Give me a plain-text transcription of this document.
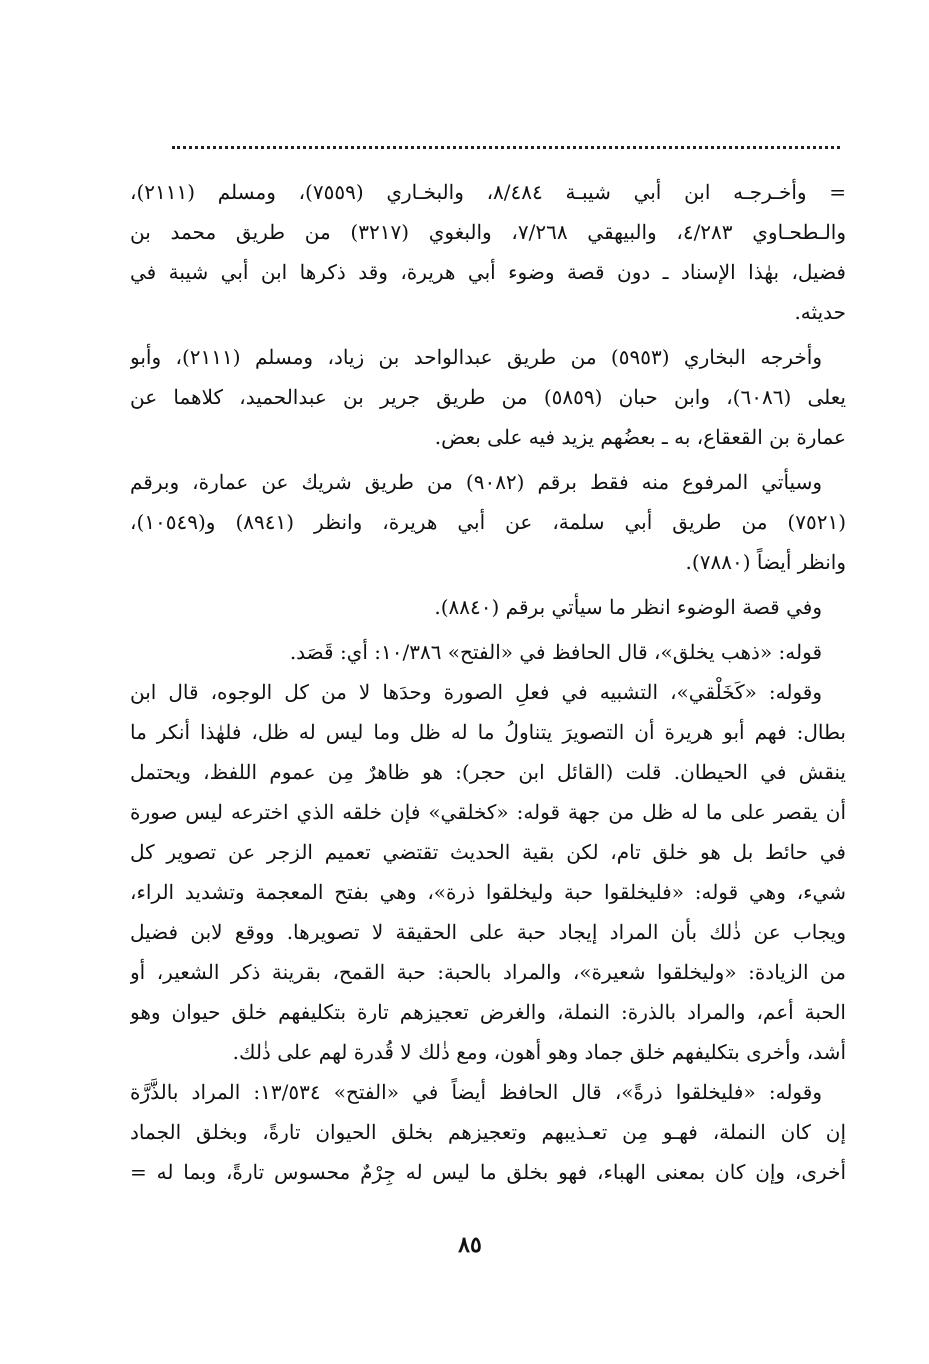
= وأخـرجـه ابن أبي شيبـة ٨/٤٨٤، والبخـاري (٧٥٥٩)، ومسلم (٢١١١)،
والـطحـاوي ٤/٢٨٣، والبيهقي ٧/٢٦٨، والبغوي (٣٢١٧) من طريق محمد بن
فضيل، بهٰذا الإسناد ـ دون قصة وضوء أبي هريرة، وقد ذكرها ابن أبي شيبة في
حديثه.
وأخرجه البخاري (٥٩٥٣) من طريق عبدالواحد بن زياد، ومسلم (٢١١١)، وأبو
يعلى (٦٠٨٦)، وابن حبان (٥٨٥٩) من طريق جرير بن عبدالحميد، كلاهما عن
عمارة بن القعقاع، به ـ بعضُهم يزيد فيه على بعض.
وسيأتي المرفوع منه فقط برقم (٩٠٨٢) من طريق شريك عن عمارة، وبرقم
(٧٥٢١) من طريق أبي سلمة، عن أبي هريرة، وانظر (٨٩٤١) و(١٠٥٤٩)،
وانظر أيضاً (٧٨٨٠).
وفي قصة الوضوء انظر ما سيأتي برقم (٨٨٤٠).
قوله: «ذهب يخلق»، قال الحافظ في «الفتح» ١٠/٣٨٦: أي: قَصَد.
وقوله: «كَخَلْقي»، التشبيه في فعلِ الصورة وحدَها لا من كل الوجوه، قال ابن
بطال: فهم أبو هريرة أن التصويرَ يتناولُ ما له ظل وما ليس له ظل، فلهٰذا أنكر ما
ينقش في الحيطان. قلت (القائل ابن حجر): هو ظاهرٌ مِن عموم اللفظ، ويحتمل
أن يقصر على ما له ظل من جهة قوله: «كخلقي» فإن خلقه الذي اخترعه ليس صورة
في حائط بل هو خلق تام، لكن بقية الحديث تقتضي تعميم الزجر عن تصوير كل
شيء، وهي قوله: «فليخلقوا حبة وليخلقوا ذرة»، وهي بفتح المعجمة وتشديد الراء،
ويجاب عن ذٰلك بأن المراد إيجاد حبة على الحقيقة لا تصويرها. ووقع لابن فضيل
من الزيادة: «وليخلقوا شعيرة»، والمراد بالحبة: حبة القمح، بقرينة ذكر الشعير، أو
الحبة أعم، والمراد بالذرة: النملة، والغرض تعجيزهم تارة بتكليفهم خلق حيوان وهو
أشد، وأخرى بتكليفهم خلق جماد وهو أهون، ومع ذٰلك لا قُدرة لهم على ذٰلك.
وقوله: «فليخلقوا ذرةً»، قال الحافظ أيضاً في «الفتح» ١٣/٥٣٤: المراد بالذَّرَّة
إن كان النملة، فهـو مِن تعـذيبهم وتعجيزهم بخلق الحيوان تارةً، وبخلق الجماد
أخرى، وإن كان بمعنى الهباء، فهو بخلق ما ليس له جِرْمٌ محسوس تارةً، وبما له =
٨٥
